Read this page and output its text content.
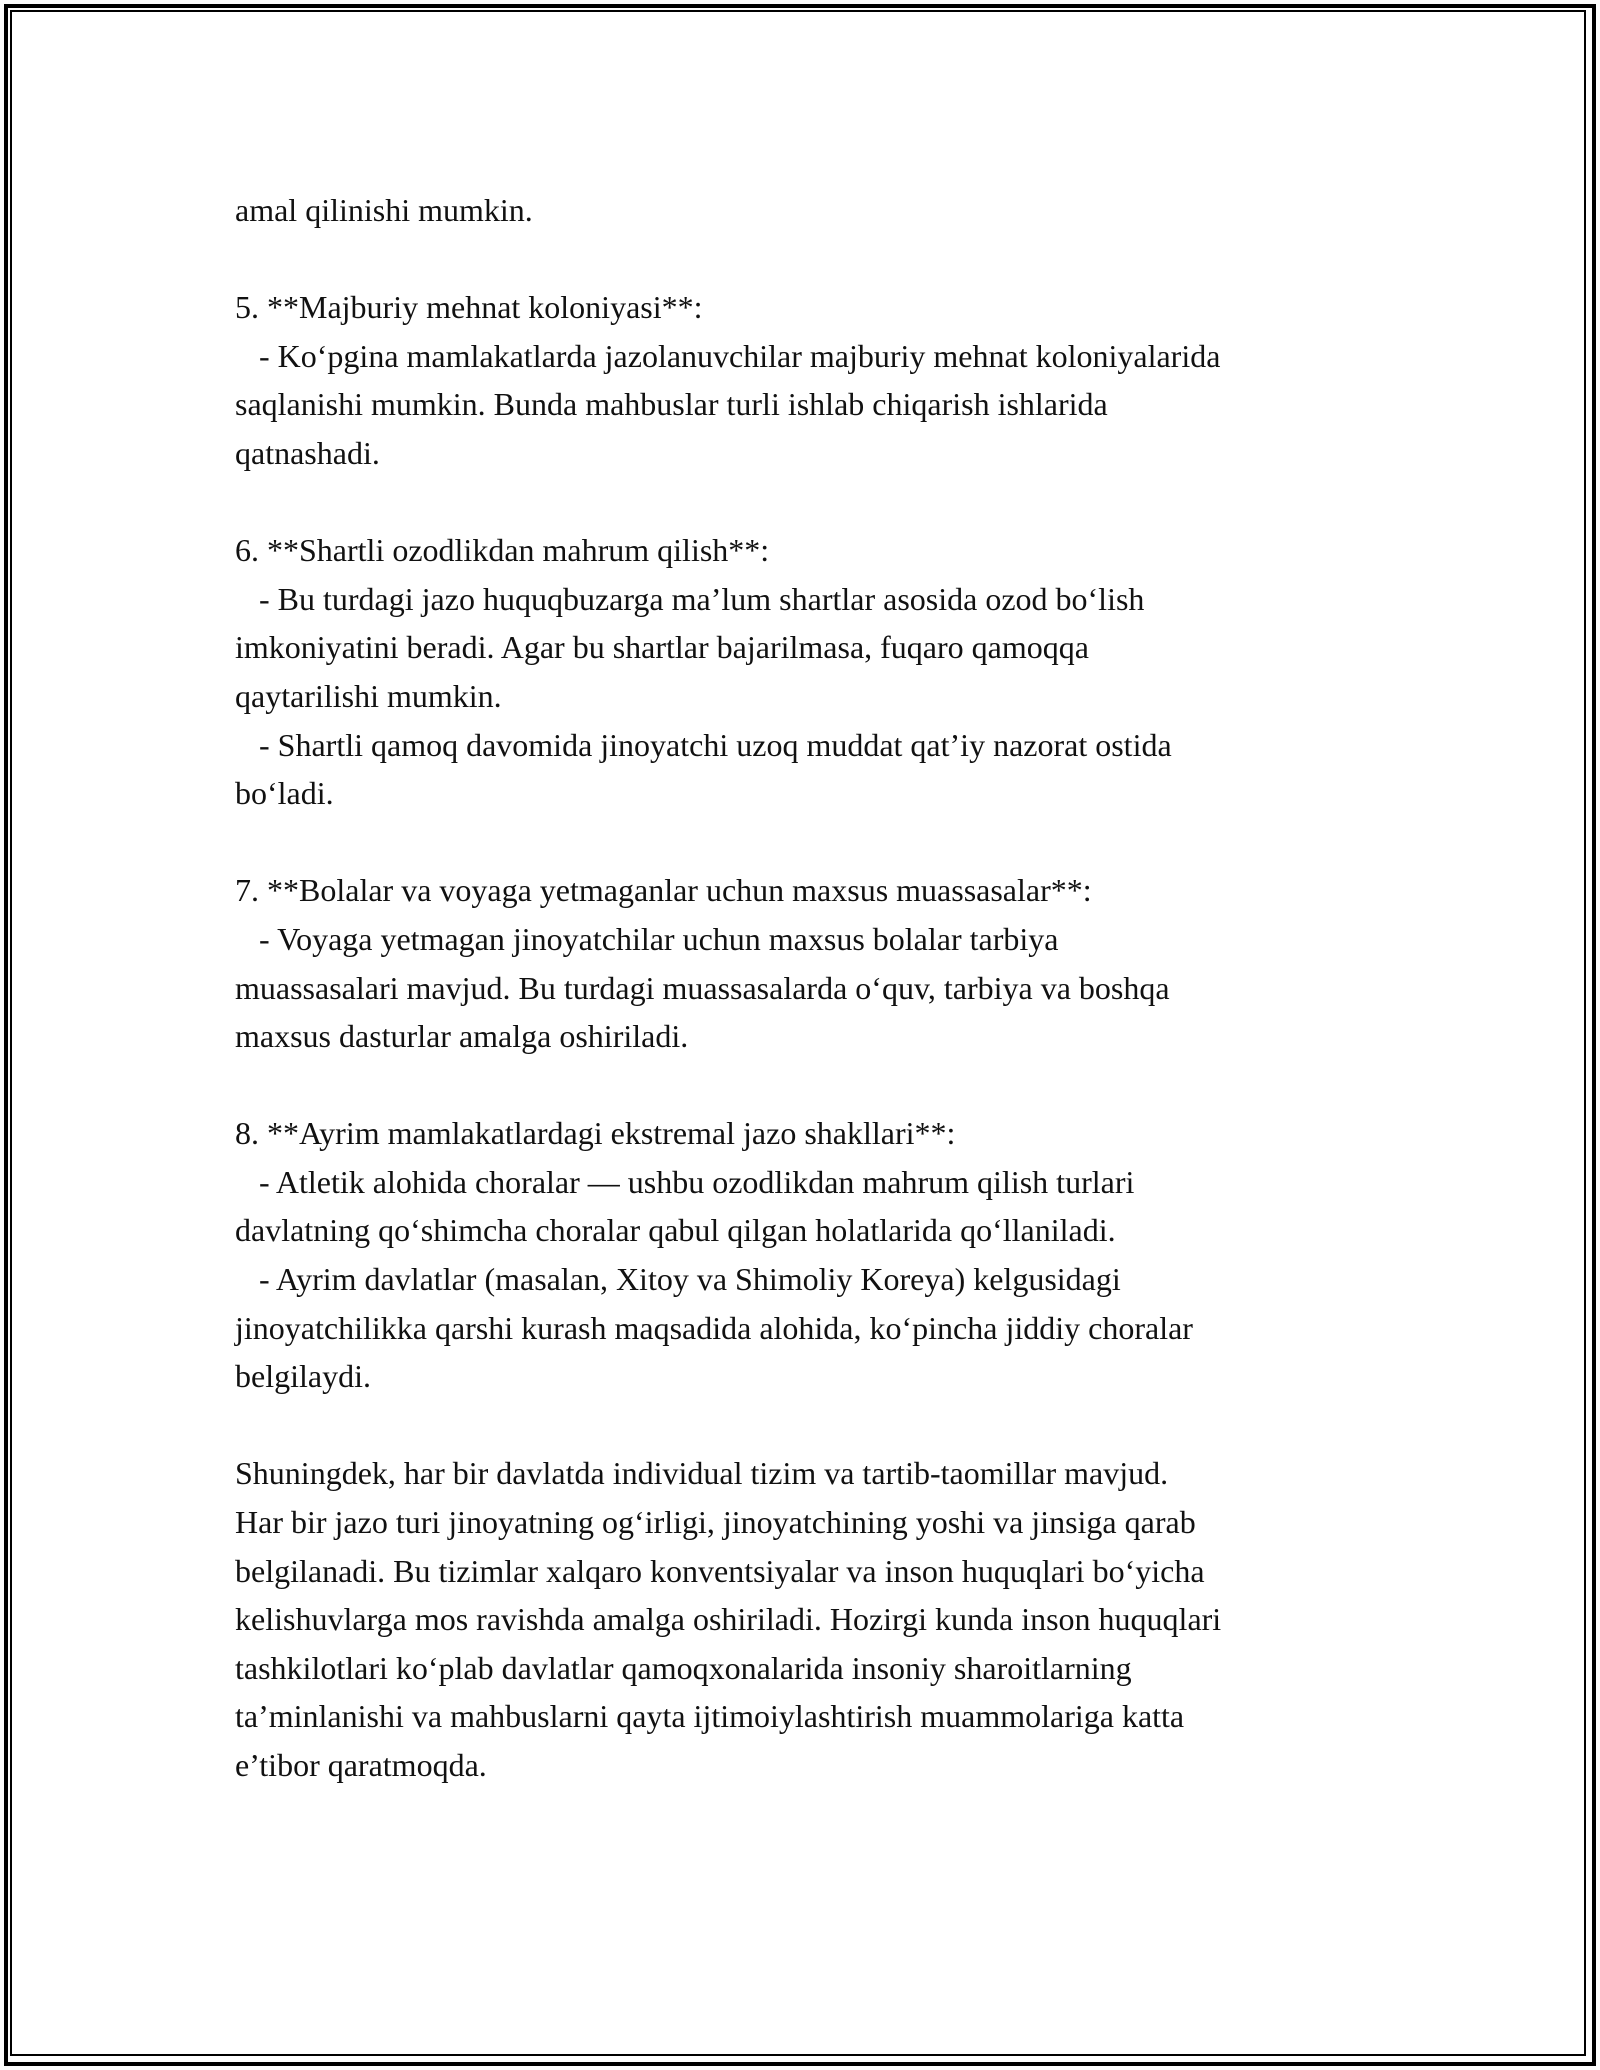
amal qilinishi mumkin.
5. **Majburiy mehnat koloniyasi**:
- Ko‘pgina mamlakatlarda jazolanuvchilar majburiy mehnat koloniyalarida
saqlanishi mumkin. Bunda mahbuslar turli ishlab chiqarish ishlarida
qatnashadi.
6. **Shartli ozodlikdan mahrum qilish**:
- Bu turdagi jazo huquqbuzarga ma’lum shartlar asosida ozod bo‘lish
imkoniyatini beradi. Agar bu shartlar bajarilmasa, fuqaro qamoqqa
qaytarilishi mumkin.
- Shartli qamoq davomida jinoyatchi uzoq muddat qat’iy nazorat ostida
bo‘ladi.
7. **Bolalar va voyaga yetmaganlar uchun maxsus muassasalar**:
- Voyaga yetmagan jinoyatchilar uchun maxsus bolalar tarbiya
muassasalari mavjud. Bu turdagi muassasalarda o‘quv, tarbiya va boshqa
maxsus dasturlar amalga oshiriladi.
8. **Ayrim mamlakatlardagi ekstremal jazo shakllari**:
- Atletik alohida choralar — ushbu ozodlikdan mahrum qilish turlari
davlatning qo‘shimcha choralar qabul qilgan holatlarida qo‘llaniladi.
- Ayrim davlatlar (masalan, Xitoy va Shimoliy Koreya) kelgusidagi
jinoyatchilikka qarshi kurash maqsadida alohida, ko‘pincha jiddiy choralar
belgilaydi.
Shuningdek, har bir davlatda individual tizim va tartib-taomillar mavjud.
Har bir jazo turi jinoyatning og‘irligi, jinoyatchining yoshi va jinsiga qarab
belgilanadi. Bu tizimlar xalqaro konventsiyalar va inson huquqlari bo‘yicha
kelishuvlarga mos ravishda amalga oshiriladi. Hozirgi kunda inson huquqlari
tashkilotlari ko‘plab davlatlar qamoqxonalarida insoniy sharoitlarning
ta’minlanishi va mahbuslarni qayta ijtimoiylashtirish muammolariga katta
e’tibor qaratmoqda.
